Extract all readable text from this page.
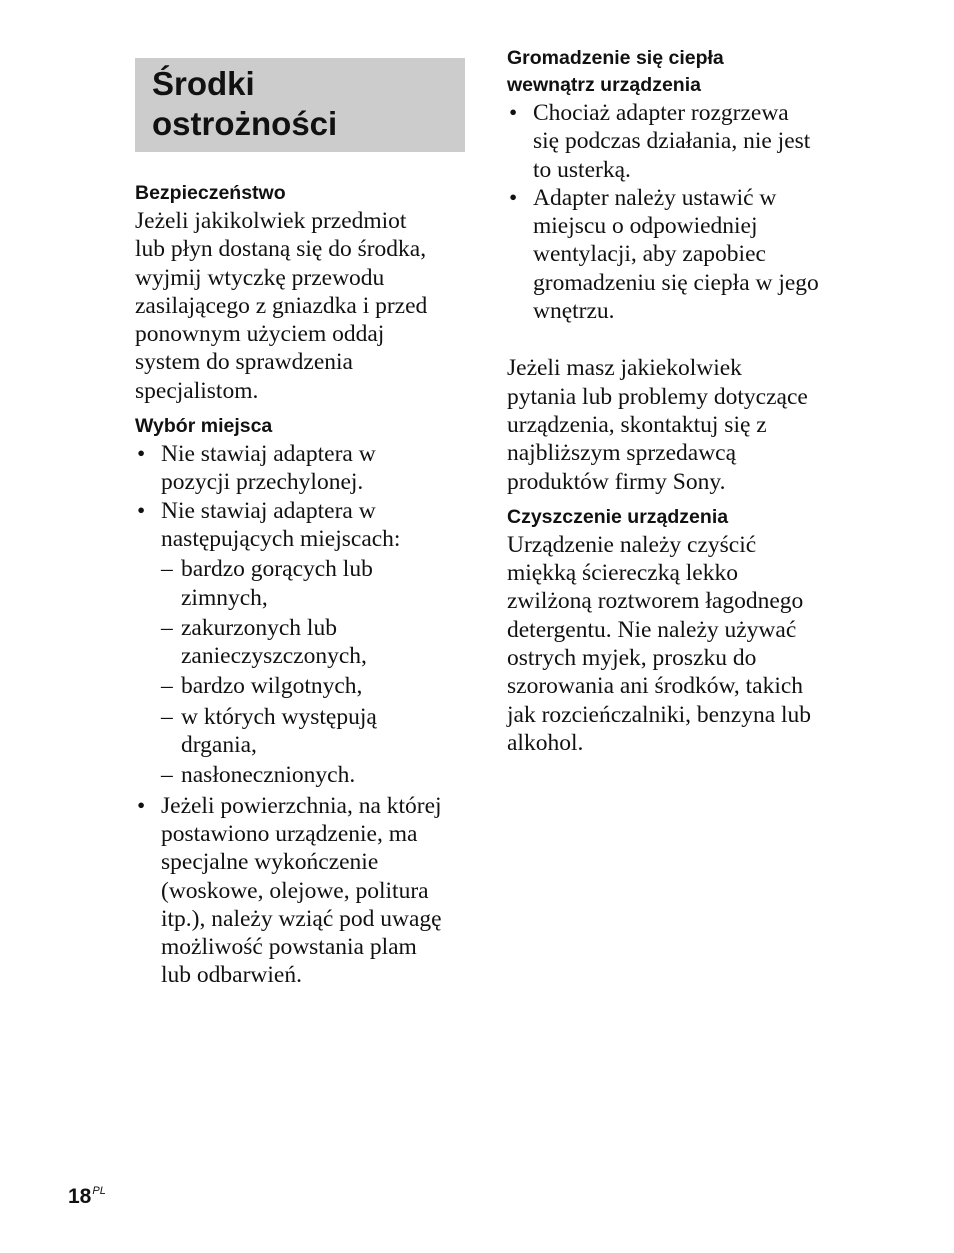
Środki
ostrożności

Bezpieczeństwo

Jeżeli jakikolwiek przedmiot
lub płyn dostaną się do środka,
wyjmij wtyczkę przewodu
zasilającego z gniazdka i przed
ponownym użyciem oddaj
system do sprawdzenia
specjalistom.

Wybór miejsca

• Nie stawiaj adaptera w
pozycji przechylonej.
• Nie stawiaj adaptera w
następujących miejscach:
– bardzo gorących lub
zimnych,
– zakurzonych lub
zanieczyszczonych,
– bardzo wilgotnych,
– w których występują
drgania,
– nasłonecznionych.
• Jeżeli powierzchnia, na której
postawiono urządzenie, ma
specjalne wykończenie
(woskowe, olejowe, politura
itp.), należy wziąć pod uwagę
możliwość powstania plam
lub odbarwień.

Gromadzenie się ciepła
wewnątrz urządzenia

• Chociaż adapter rozgrzewa
się podczas działania, nie jest
to usterką.
• Adapter należy ustawić w
miejscu o odpowiedniej
wentylacji, aby zapobiec
gromadzeniu się ciepła w jego
wnętrzu.

Jeżeli masz jakiekolwiek
pytania lub problemy dotyczące
urządzenia, skontaktuj się z
najbliższym sprzedawcą
produktów firmy Sony.

Czyszczenie urządzenia

Urządzenie należy czyścić
miękką ściereczką lekko
zwilżoną roztworem łagodnego
detergentu. Nie należy używać
ostrych myjek, proszku do
szorowania ani środków, takich
jak rozcieńczalniki, benzyna lub
alkohol.

$18^{PL}$
